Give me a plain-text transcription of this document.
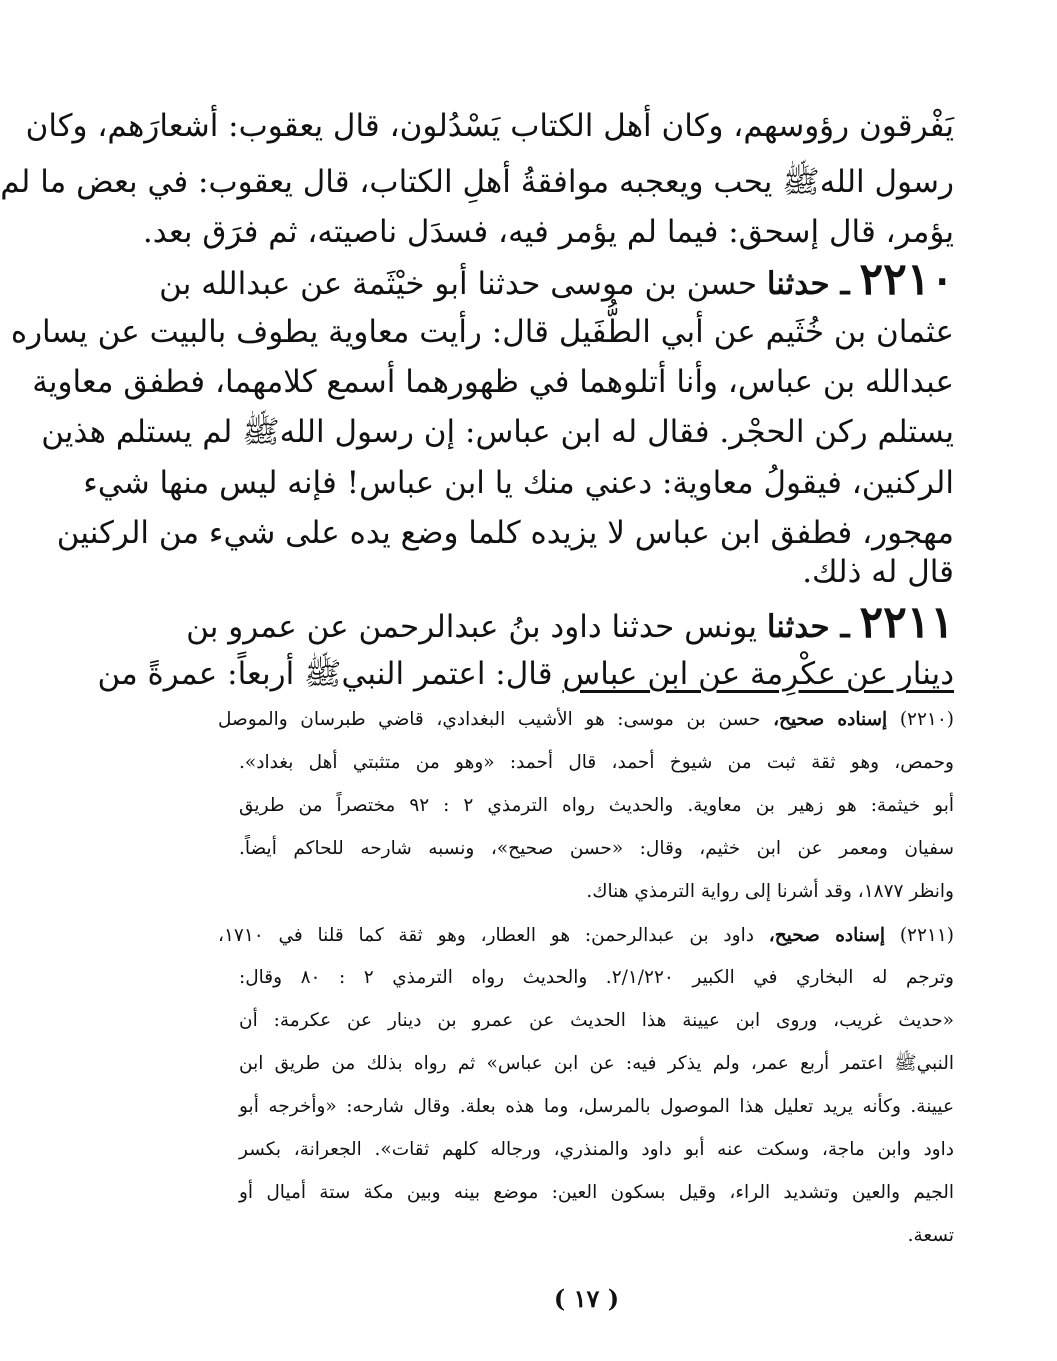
يَفْرقون رؤوسهم، وكان أهل الكتاب يَسْدُلون، قال يعقوب: أشعارَهم، وكان
رسول اللهﷺ يحب ويعجبه موافقةُ أهلِ الكتاب، قال يعقوب: في بعض ما لم
يؤمر، قال إسحق: فيما لم يؤمر فيه، فسدَل ناصيته، ثم فرَق بعد.
٢٢١٠ ـ حدثنا حسن بن موسى حدثنا أبو خيْثَمة عن عبدالله بن
عثمان بن خُثَيم عن أبي الطُّفَيل قال: رأيت معاوية يطوف بالبيت عن يساره
عبدالله بن عباس، وأنا أتلوهما في ظهورهما أسمع كلامهما، فطفق معاوية
يستلم ركن الحجْر. فقال له ابن عباس: إن رسول اللهﷺ لم يستلم هذين
الركنين، فيقولُ معاوية: دعني منك يا ابن عباس! فإنه ليس منها شيء
مهجور، فطفق ابن عباس لا يزيده كلما وضع يده على شيء من الركنين
قال له ذلك.
٢٢١١ ـ حدثنا يونس حدثنا داود بنُ عبدالرحمن عن عمرو بن
دينار عن عكْرِمة عن ابن عباس قال: اعتمر النبيﷺ أربعاً: عمرةً من
(٢٢١٠) إسناده صحيح، حسن بن موسى: هو الأشيب البغدادي، قاضي طبرسان والموصل
وحمص، وهو ثقة ثبت من شيوخ أحمد، قال أحمد: «وهو من متثبتي أهل بغداد».
أبو خيثمة: هو زهير بن معاوية. والحديث رواه الترمذي ٢ : ٩٢ مختصراً من طريق
سفيان ومعمر عن ابن خثيم، وقال: «حسن صحيح»، ونسبه شارحه للحاكم أيضاً.
وانظر ١٨٧٧، وقد أشرنا إلى رواية الترمذي هناك.
(٢٢١١) إسناده صحيح، داود بن عبدالرحمن: هو العطار، وهو ثقة كما قلنا في ١٧١٠،
وترجم له البخاري في الكبير ٢/١/٢٢٠. والحديث رواه الترمذي ٢ : ٨٠ وقال:
«حديث غريب، وروى ابن عيينة هذا الحديث عن عمرو بن دينار عن عكرمة: أن
النبيﷺ اعتمر أربع عمر، ولم يذكر فيه: عن ابن عباس» ثم رواه بذلك من طريق ابن
عيينة. وكأنه يريد تعليل هذا الموصول بالمرسل، وما هذه بعلة. وقال شارحه: «وأخرجه أبو
داود وابن ماجة، وسكت عنه أبو داود والمنذري، ورجاله كلهم ثقات». الجعرانة، بكسر
الجيم والعين وتشديد الراء، وقيل بسكون العين: موضع بينه وبين مكة ستة أميال أو
تسعة.
( ١٧ )
